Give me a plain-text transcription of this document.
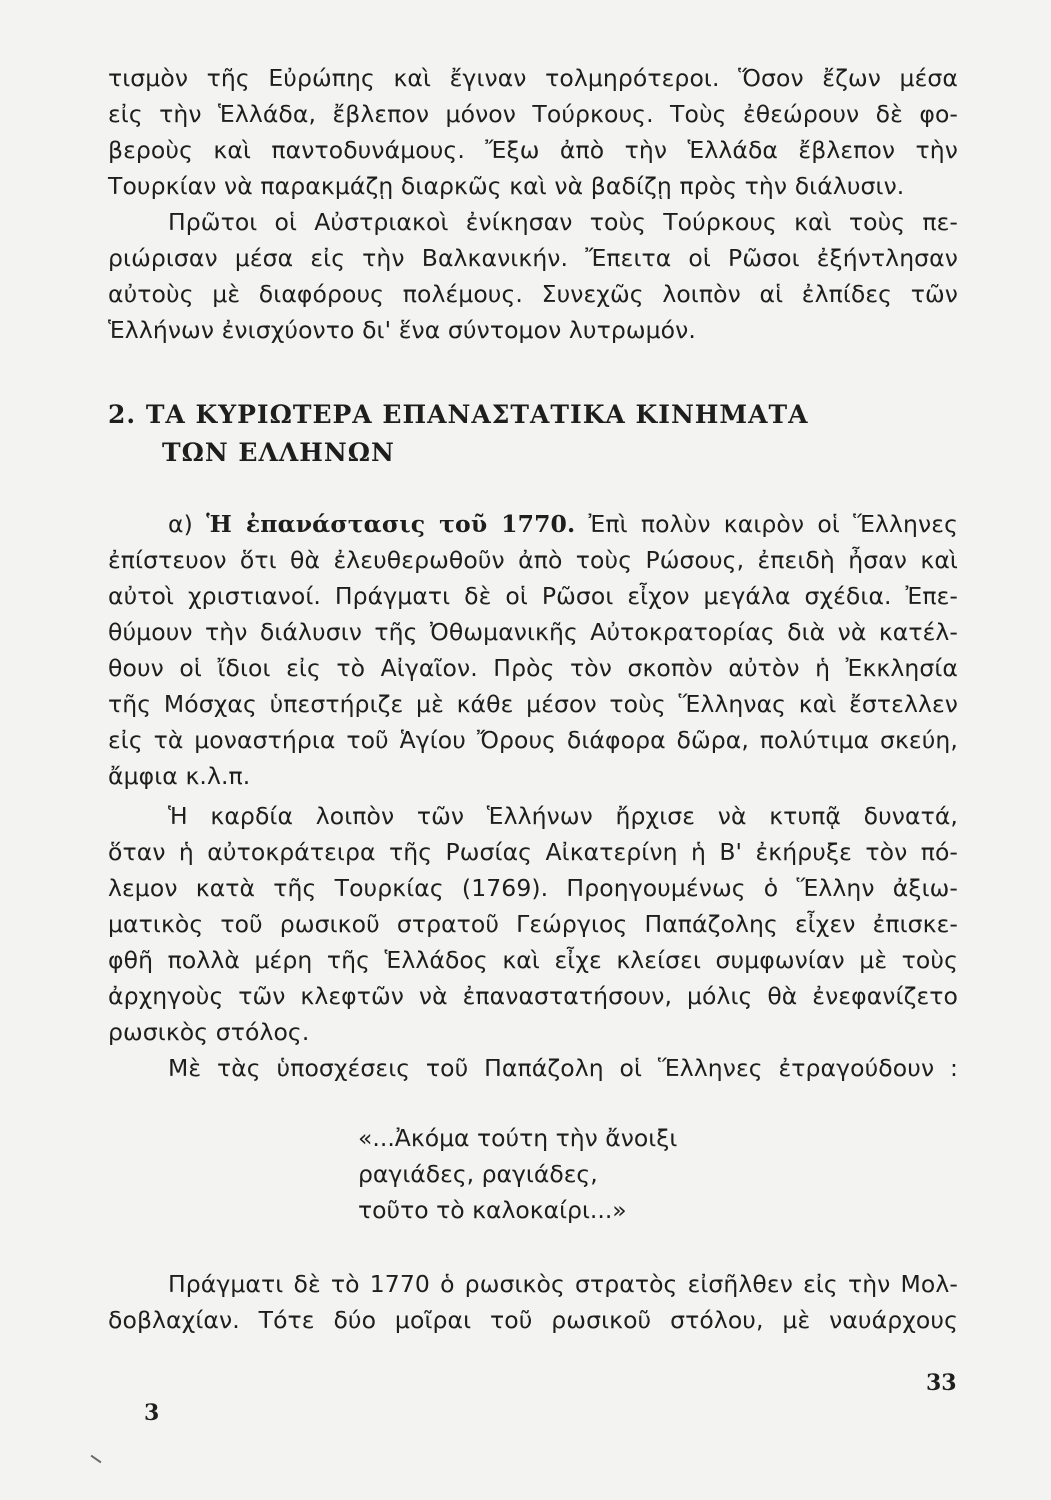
τισμὸν τῆς Εὐρώπης καὶ ἔγιναν τολμηρότεροι. Ὅσον ἔζων μέσα
εἰς τὴν Ἑλλάδα, ἔβλεπον μόνον Τούρκους. Τοὺς ἐθεώρουν δὲ φο-
βεροὺς καὶ παντοδυνάμους. Ἔξω ἀπὸ τὴν Ἑλλάδα ἔβλεπον τὴν
Τουρκίαν νὰ παρακμάζῃ διαρκῶς καὶ νὰ βαδίζῃ πρὸς τὴν διάλυσιν.
Πρῶτοι οἱ Αὐστριακοὶ ἐνίκησαν τοὺς Τούρκους καὶ τοὺς πε-
ριώρισαν μέσα εἰς τὴν Βαλκανικήν. Ἔπειτα οἱ Ρῶσοι ἐξήντλησαν
αὐτοὺς μὲ διαφόρους πολέμους. Συνεχῶς λοιπὸν αἱ ἐλπίδες τῶν
Ἑλλήνων ἐνισχύοντο δι' ἕνα σύντομον λυτρωμόν.
2. ΤΑ ΚΥΡΙΩΤΕΡΑ ΕΠΑΝΑΣΤΑΤΙΚΑ ΚΙΝΗΜΑΤΑ
ΤΩΝ ΕΛΛΗΝΩΝ
α) Ἡ ἐπανάστασις τοῦ 1770. Ἐπὶ πολὺν καιρὸν οἱ Ἕλληνες
ἐπίστευον ὅτι θὰ ἐλευθερωθοῦν ἀπὸ τοὺς Ρώσους, ἐπειδὴ ἦσαν καὶ
αὐτοὶ χριστιανοί. Πράγματι δὲ οἱ Ρῶσοι εἶχον μεγάλα σχέδια. Ἐπε-
θύμουν τὴν διάλυσιν τῆς Ὀθωμανικῆς Αὐτοκρατορίας διὰ νὰ κατέλ-
θουν οἱ ἴδιοι εἰς τὸ Αἰγαῖον. Πρὸς τὸν σκοπὸν αὐτὸν ἡ Ἐκκλησία
τῆς Μόσχας ὑπεστήριζε μὲ κάθε μέσον τοὺς Ἕλληνας καὶ ἔστελλεν
εἰς τὰ μοναστήρια τοῦ Ἁγίου Ὄρους διάφορα δῶρα, πολύτιμα σκεύη,
ἄμφια κ.λ.π.
Ἡ καρδία λοιπὸν τῶν Ἑλλήνων ἤρχισε νὰ κτυπᾷ δυνατά,
ὅταν ἡ αὐτοκράτειρα τῆς Ρωσίας Αἰκατερίνη ἡ Β' ἐκήρυξε τὸν πό-
λεμον κατὰ τῆς Τουρκίας (1769). Προηγουμένως ὁ Ἕλλην ἀξιω-
ματικὸς τοῦ ρωσικοῦ στρατοῦ Γεώργιος Παπάζολης εἶχεν ἐπισκε-
φθῆ πολλὰ μέρη τῆς Ἑλλάδος καὶ εἶχε κλείσει συμφωνίαν μὲ τοὺς
ἀρχηγοὺς τῶν κλεφτῶν νὰ ἐπαναστατήσουν, μόλις θὰ ἐνεφανίζετο
ρωσικὸς στόλος.
Μὲ τὰς ὑποσχέσεις τοῦ Παπάζολη οἱ Ἕλληνες ἐτραγούδουν :
«...Ἀκόμα τούτη τὴν ἄνοιξι
ραγιάδες, ραγιάδες,
τοῦτο τὸ καλοκαίρι...»
Πράγματι δὲ τὸ 1770 ὁ ρωσικὸς στρατὸς εἰσῆλθεν εἰς τὴν Μολ-
δοβλαχίαν. Τότε δύο μοῖραι τοῦ ρωσικοῦ στόλου, μὲ ναυάρχους
33
3
